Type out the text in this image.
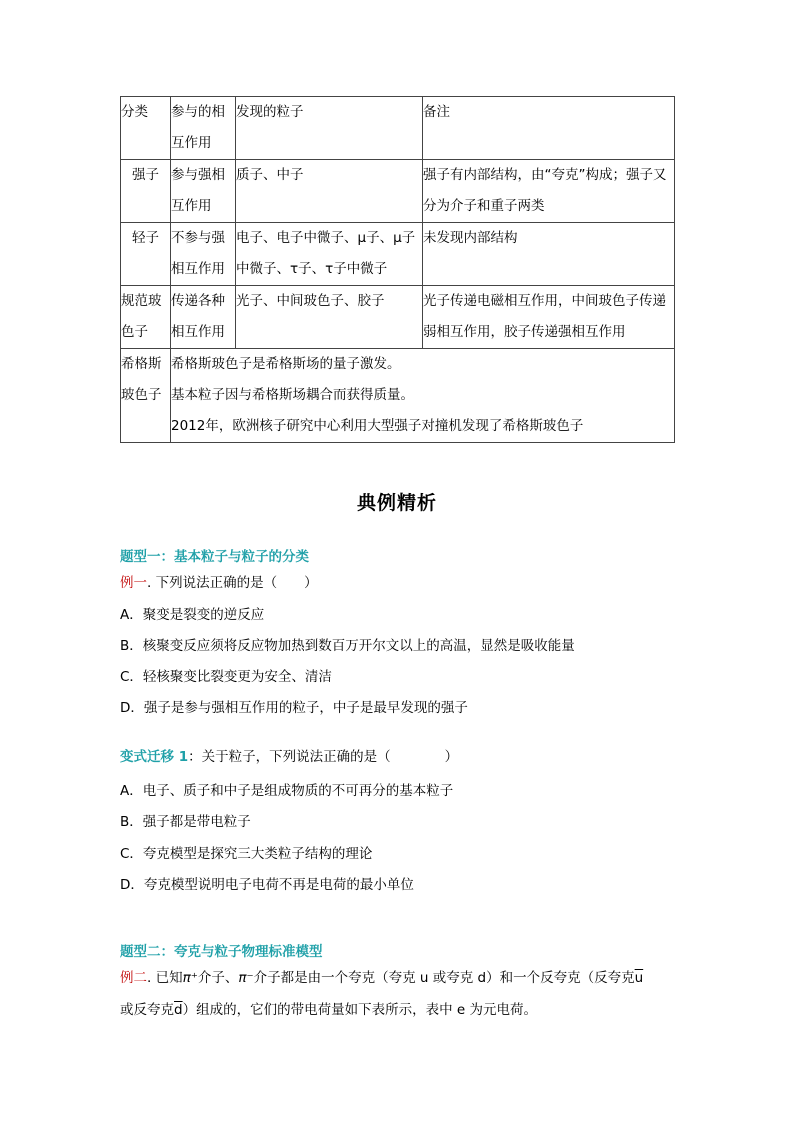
分类	参与的相互作用	发现的粒子	备注

强子	参与强相互作用	质子、中子	强子有内部结构，由“夸克”构成；强子又分为介子和重子两类

轻子	不参与强相互作用	电子、电子中微子、μ子、μ子中微子、τ子、τ子中微子	未发现内部结构
规范玻色子	传递各种相互作用	光子、中间玻色子、胶子	光子传递电磁相互作用，中间玻色子传递弱相互作用，胶子传递强相互作用
希格斯玻色子	希格斯玻色子是希格斯场的量子激发。
基本粒子因与希格斯场耦合而获得质量。
2012年，欧洲核子研究中心利用大型强子对撞机发现了希格斯玻色子		
典例精析
题型一：基本粒子与粒子的分类
例一. 下列说法正确的是（　　）
A．聚变是裂变的逆反应
B．核聚变反应须将反应物加热到数百万开尔文以上的高温，显然是吸收能量
C．轻核聚变比裂变更为安全、清洁
D．强子是参与强相互作用的粒子，中子是最早发现的强子
变式迁移 1：关于粒子，下列说法正确的是（　　　　）
A．电子、质子和中子是组成物质的不可再分的基本粒子
B．强子都是带电粒子
C．夸克模型是探究三大类粒子结构的理论
D．夸克模型说明电子电荷不再是电荷的最小单位
题型二：夸克与粒子物理标准模型
例二. 已知π⁺介子、π⁻介子都是由一个夸克（夸克 u 或夸克 d）和一个反夸克（反夸克$\overline{u}$
或反夸克$\overline{d}$）组成的，它们的带电荷量如下表所示，表中 e 为元电荷。
